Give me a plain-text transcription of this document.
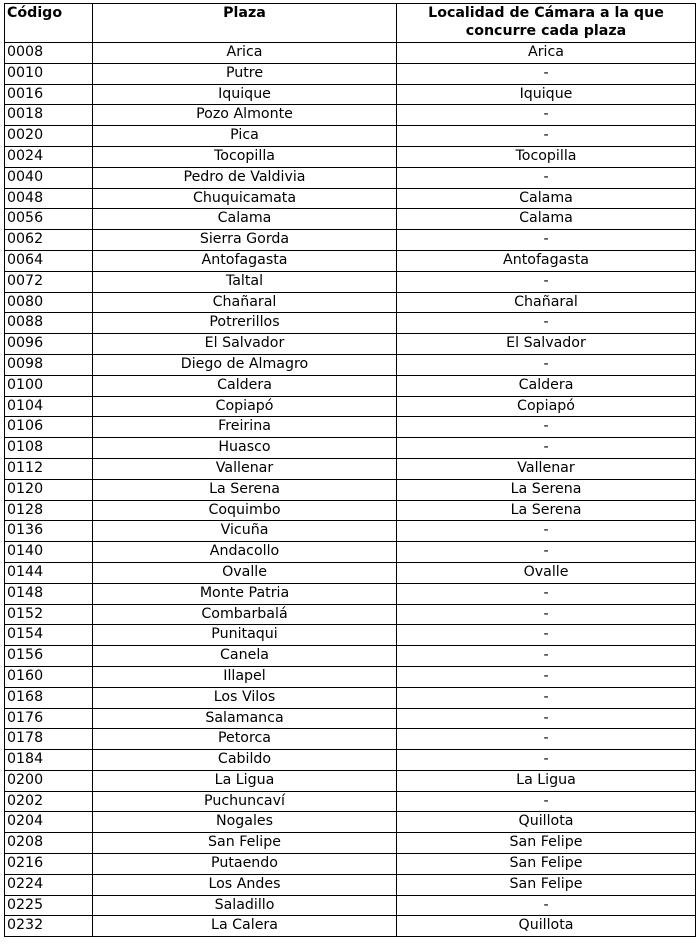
Código	Plaza	Localidad de Cámara a la que concurre cada plaza
0008	Arica	Arica
0010	Putre	-
0016	Iquique	Iquique
0018	Pozo Almonte	-
0020	Pica	-
0024	Tocopilla	Tocopilla
0040	Pedro de Valdivia	-
0048	Chuquicamata	Calama
0056	Calama	Calama
0062	Sierra Gorda	-
0064	Antofagasta	Antofagasta
0072	Taltal	-
0080	Chañaral	Chañaral
0088	Potrerillos	-
0096	El Salvador	El Salvador
0098	Diego de Almagro	-
0100	Caldera	Caldera
0104	Copiapó	Copiapó
0106	Freirina	-
0108	Huasco	-
0112	Vallenar	Vallenar
0120	La Serena	La Serena
0128	Coquimbo	La Serena
0136	Vicuña	-
0140	Andacollo	-
0144	Ovalle	Ovalle
0148	Monte Patria	-
0152	Combarbalá	-
0154	Punitaqui	-
0156	Canela	-
0160	Illapel	-
0168	Los Vilos	-
0176	Salamanca	-
0178	Petorca	-
0184	Cabildo	-
0200	La Ligua	La Ligua
0202	Puchuncaví	-
0204	Nogales	Quillota
0208	San Felipe	San Felipe
0216	Putaendo	San Felipe
0224	Los Andes	San Felipe
0225	Saladillo	-
0232	La Calera	Quillota
